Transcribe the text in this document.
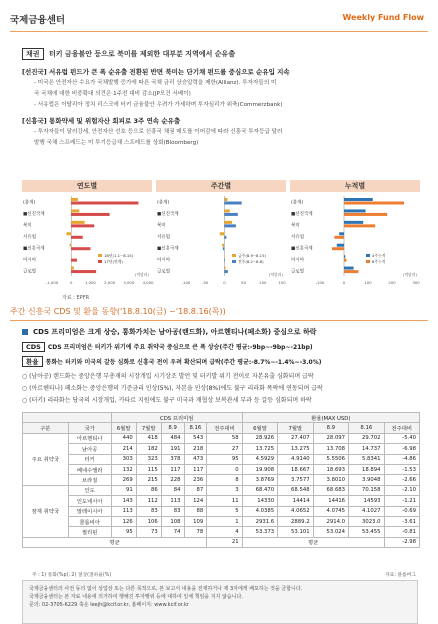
국제금융센터	Weekly Fund Flow
채권 터키 금융불안 등으로 북미를 제외한 대부분 지역에서 순유출
[선진국] 서유럽 펀드가 큰 폭 순유출 전환된 반면 북미는 단기채 펀드를 중심으로 순유입 지속
- 미국은 안전자산 수요가 국채발행 증가에 따른 국채 금리 상승압력을 제한(Allianz). 투자자들의 미
국 국채에 대한 비중확대 의견은 1주전 대비 감소(JP모건 서베이)
- 서유럽은 이탈리아 정치 리스크에 터키 금융불안 우려가 가세하며 투자심리가 위축(Commerzbank)
[신흥국] 통화약세 및 위험자산 회피로 3주 연속 순유출
- 투자자들이 달러강세, 안전자산 선호 등으로 신흥국 채권 매도를 이어감에 따라 신흥국 투자등급 달러
발행 국채 스프레드는 미 투기등급채 스프레드를 상회(Bloomberg)
연도별
(총계)
■선진국계
북미
서유럽
■신흥국계
아시아
글로벌
-1,000	0	1,000 2,000 3,000 4,000
18년(1.1~8.15)
17년(연계)
(억달러)
주간별
(총계)
■선진국계
북미
서유럽
■신흥국계
아시아
글로벌
-100	-50	0	50	100	150
금주(8.9~8.15)
전주(8.2~8.8)
(억달러)
누적별
(총계)
■선진국계
북미
서유럽
■신흥국계
아시아
글로벌
-100	0	100	200	300
4주누적
8주누적
(억달러)
자료 : EPFR
주간 신흥국 CDS 및 환율 동향('18.8.10(금) ~'18.8.16(목))
CDS 프리미엄은 크게 상승, 통화가치는 남아공(랜드화), 아르헨티나(페소화) 중심으로 하락
CDS CDS 프리미엄은 터키가 위기에 주요 취약국 중심으로 큰 폭 상승(주간 평균:-9bp~-9bp~-21bp)
환율 통화는 터키와 미국의 갈등 심화로 신흥국 전이 우려 확산되며 급락(주간 평균:-8.7%~-1.4%~-3.0%)
○ (남아공) 랜드화는 중앙은행 부총재의 시장개입 시기상조 발언 및 터키발 위기 전이로 자본유출 심화되며 급락
○ (아르헨티나) 페소화는 중앙은행의 기준금리 인상(5%), 자본을 인상(8%)에도 불구 리라화 폭락에 연동되며 급락
○ (터키) 리라화는 당국의 시장개입, 카타르 지원에도 불구 미국과 재협상 보복관세 부과 등 갈등 심화되며 하락
		CDS 프리미엄					환율(MAX USD)				
구분	국가	6월말	7월말	8.9	8.16	전주대비	6월말	7월말	8.9	8.16	전주대비
주요 취약국	아르헨티나	440	418	484	543	58	28.926	27.407	28.097	29.702	-5.40
	남아공	214	182	191	218	27	13.725	13.275	13.708	14.737	-6.98
	터키	303	323	378	473	95	4.5929	4.9140	5.5506	5.8341	-4.86
	베네수엘라	132	115	117	117	0	19.908	18.667	18.693	18.894	-1.53
	브라질	269	215	228	236	8	3.8769	3.7577	3.8010	3.9048	-2.66
잠재 취약국	인도	91	86	84	87	3	68.470	68.548	68.683	70.158	-2.10
	인도네시아	143	112	113	124	11	14330	14414	14416	14593	-1.21
	말레이시아	113	83	83	88	5	4.0385	4.0652	4.0745	4.1027	-0.69
	콜롬비아	126	106	108	109	1	2931.6	2889.2	2914.0	3023.0	-3.61
	필리핀	95	73	74	78	4	53.373	53.101	53.024	53.455	-0.81
평균						21	평균				-2.98
주 : 1) 통화(%p), 2) 절상(절하율(%)	자료: 블룸버그
국제금융센터의 사전 동의 없이 상업상 또는 다른 목적으로, 본 보고서 내용을 전재하거나 제 3자에게 배포하는 것을 금합니다.
국제금융센터는 본 자료 내용에 의거하여 행해진 투자행위 등에 대하여 일체 책임을 지지 않습니다.
문의: 02-3705-6229 축운 leejh@kcif.or.kr, 홈페이지: www.kcif.or.kr
